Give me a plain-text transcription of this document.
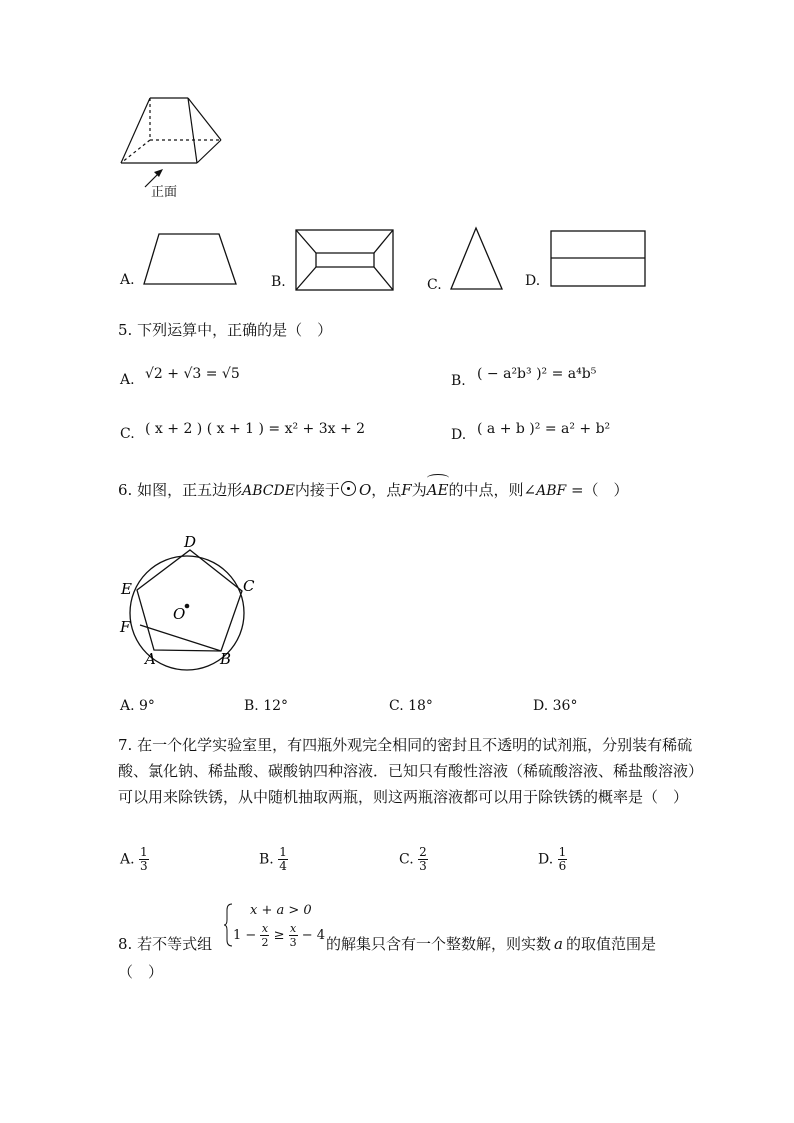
正面
A.	B.	C.	D.
5. 下列运算中，正确的是（　）
A. √2 + √3 = √5	B. ( − a²b³ )² = a⁴b⁵
C. ( x + 2 ) ( x + 1 ) = x² + 3x + 2	D. ( a + b )² = a² + b²
6. 如图，正五边形ABCDE内接于 O，点F为
AE的中点，则∠ABF =（　）
D
C
E
O
F
A	B
A. 9°	B. 12°	C. 18°	D. 36°
7. 在一个化学实验室里，有四瓶外观完全相同的密封且不透明的试剂瓶，分别装有稀硫酸、氯化钠、稀盐酸、碳酸钠四种溶液．已知只有酸性溶液（稀硫酸溶液、稀盐酸溶液）可以用来除铁锈，从中随机抽取两瓶，则这两瓶溶液都可以用于除铁锈的概率是（　）
A. $\frac{1}{3}$	B. $\frac{1}{4}$	C. $\frac{2}{3}$	D. $\frac{1}{6}$
8. 若不等式组
x + a > 0
$1 - \frac{x}{2} \ge \frac{x}{3} - 4$ 的解集只含有一个整数解，则实数 a 的取值范围是
（　）
